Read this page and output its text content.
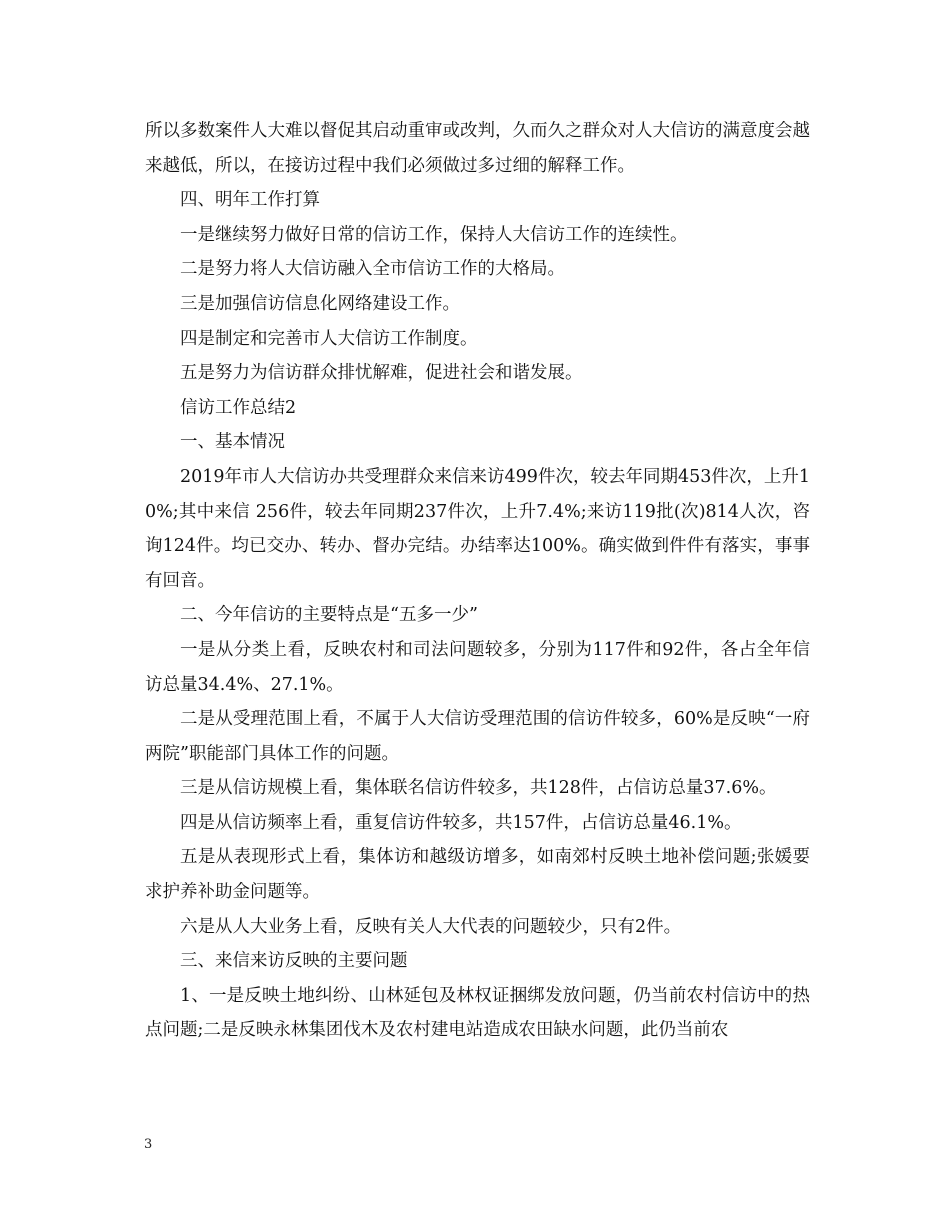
所以多数案件人大难以督促其启动重审或改判，久而久之群众对人大信访的满意度会越来越低，所以，在接访过程中我们必须做过多过细的解释工作。

四、明年工作打算

一是继续努力做好日常的信访工作，保持人大信访工作的连续性。

二是努力将人大信访融入全市信访工作的大格局。

三是加强信访信息化网络建设工作。

四是制定和完善市人大信访工作制度。

五是努力为信访群众排忧解难，促进社会和谐发展。

信访工作总结2

一、基本情况

2019年市人大信访办共受理群众来信来访499件次，较去年同期453件次，上升10%;其中来信 256件，较去年同期237件次，上升7.4%;来访119批(次)814人次，咨询124件。均已交办、转办、督办完结。办结率达100%。确实做到件件有落实，事事有回音。

二、今年信访的主要特点是“五多一少”

一是从分类上看，反映农村和司法问题较多，分别为117件和92件，各占全年信访总量34.4%、27.1%。

二是从受理范围上看，不属于人大信访受理范围的信访件较多，60%是反映“一府两院”职能部门具体工作的问题。

三是从信访规模上看，集体联名信访件较多，共128件，占信访总量37.6%。

四是从信访频率上看，重复信访件较多，共157件，占信访总量46.1%。

五是从表现形式上看，集体访和越级访增多，如南郊村反映土地补偿问题;张媛要求护养补助金问题等。

六是从人大业务上看，反映有关人大代表的问题较少，只有2件。

三、来信来访反映的主要问题

1、一是反映土地纠纷、山林延包及林权证捆绑发放问题，仍当前农村信访中的热点问题;二是反映永林集团伐木及农村建电站造成农田缺水问题，此仍当前农

3
